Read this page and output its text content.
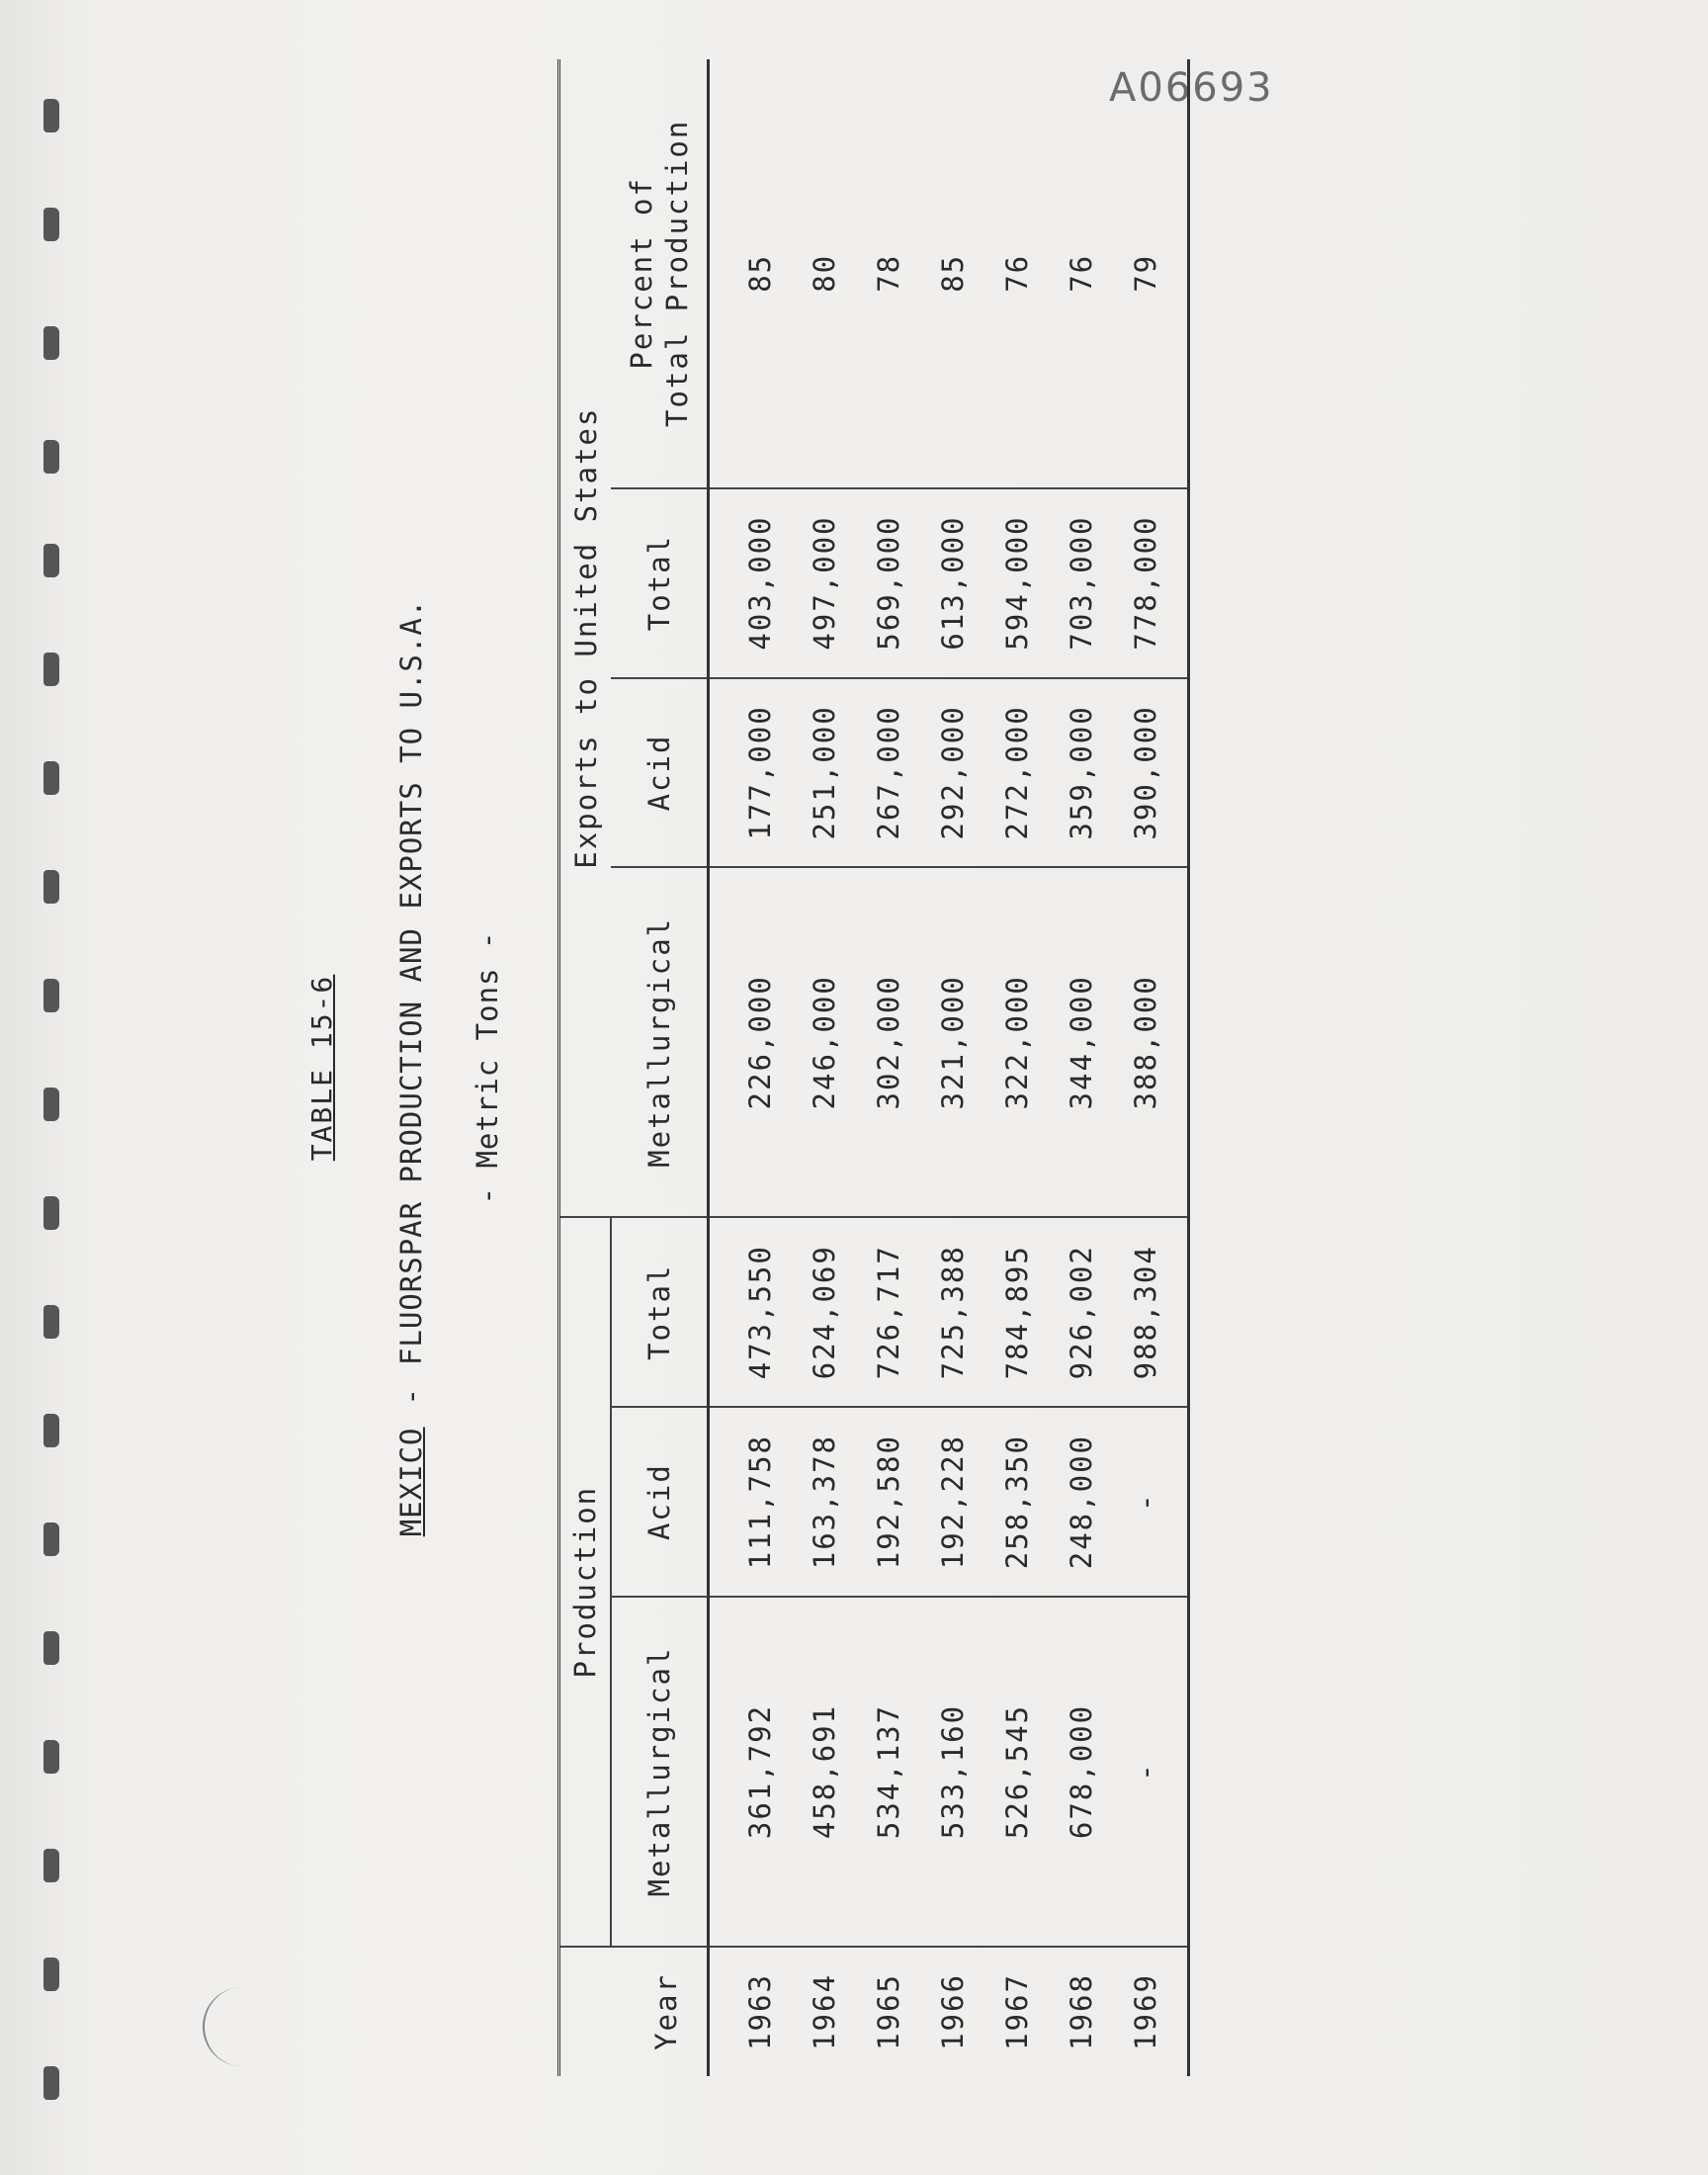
A06693
TABLE 15-6
MEXICO-FLUORSPAR PRODUCTION AND EXPORTS TO U.S.A. - Metric Tons -
Year	Production			Exports to United States			
	Metallurgical	Acid	Total	Metallurgical	Acid	Total	Percent of Total Production

1963	361,792	111,758	473,550	226,000	177,000	403,000	85
1964	458,691	163,378	624,069	246,000	251,000	497,000	80
1965	534,137	192,580	726,717	302,000	267,000	569,000	78
1966	533,160	192,228	725,388	321,000	292,000	613,000	85
1967	526,545	258,350	784,895	322,000	272,000	594,000	76
1968	678,000	248,000	926,002	344,000	359,000	703,000	76
1969	-	-	988,304	388,000	390,000	778,000	79
